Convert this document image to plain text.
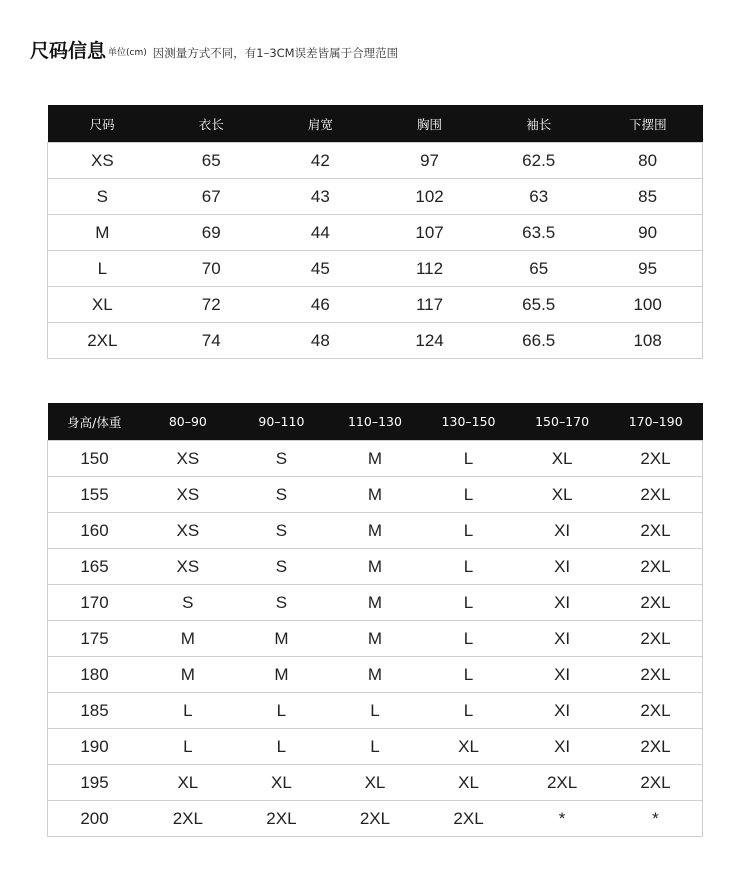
尺码信息 单位(cm) 因测量方式不同，有1–3CM误差皆属于合理范围
尺码	衣长	肩宽	胸围	袖长	下摆围
XS	65	42	97	62.5	80
S	67	43	102	63	85
M	69	44	107	63.5	90
L	70	45	112	65	95
XL	72	46	117	65.5	100
2XL	74	48	124	66.5	108
身高/体重	80–90	90–110	110–130	130–150	150–170	170–190
150	XS	S	M	L	XL	2XL
155	XS	S	M	L	XL	2XL
160	XS	S	M	L	XI	2XL
165	XS	S	M	L	XI	2XL
170	S	S	M	L	XI	2XL
175	M	M	M	L	XI	2XL
180	M	M	M	L	XI	2XL
185	L	L	L	L	XI	2XL
190	L	L	L	XL	XI	2XL
195	XL	XL	XL	XL	2XL	2XL
200	2XL	2XL	2XL	2XL	*	*
